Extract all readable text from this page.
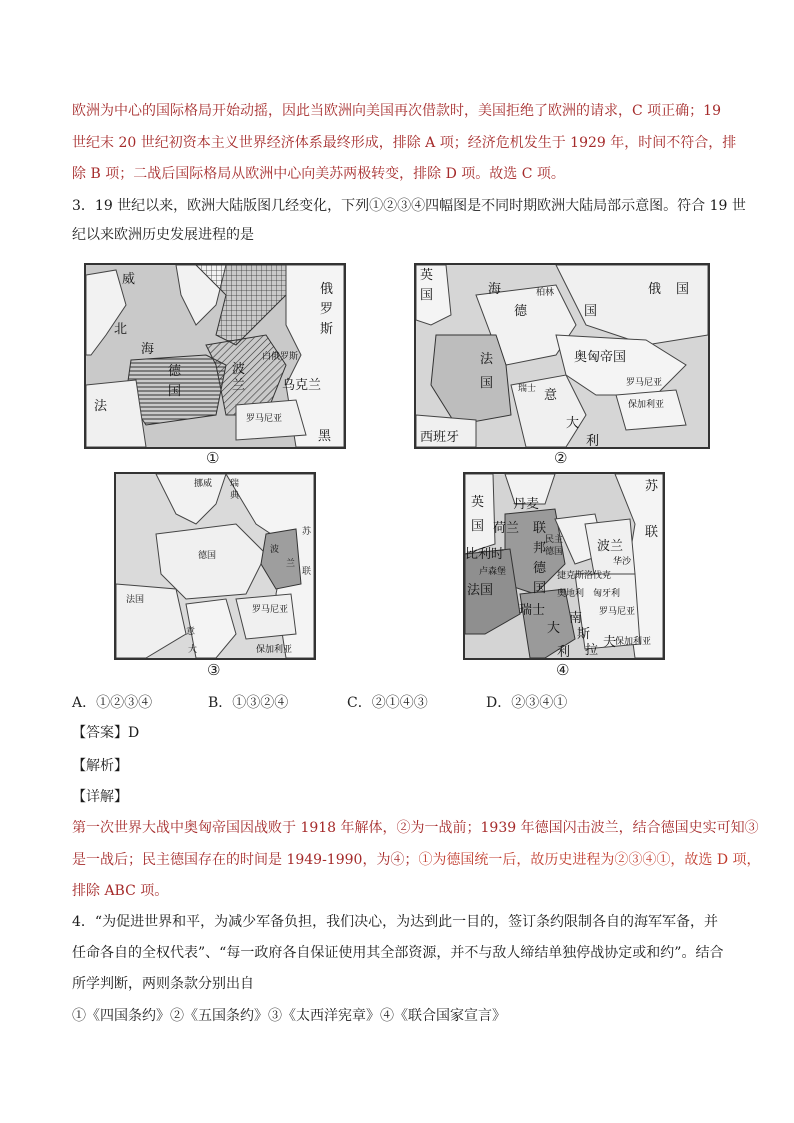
欧洲为中心的国际格局开始动摇，因此当欧洲向美国再次借款时，美国拒绝了欧洲的请求，C 项正确；19
世纪末 20 世纪初资本主义世界经济体系最终形成，排除 A 项；经济危机发生于 1929 年，时间不符合，排
除 B 项；二战后国际格局从欧洲中心向美苏两极转变，排除 D 项。故选 C 项。
3．19 世纪以来，欧洲大陆版图几经变化，下列①②③④四幅图是不同时期欧洲大陆局部示意图。符合 19 世
纪以来欧洲历史发展进程的是
俄
罗
斯
北
海
威
德
国
法
白俄罗斯
乌克兰
罗马尼亚
黑
波
兰
①
英
国	海	柏林
德	国
俄 国
法
国
奥匈帝国
瑞士 意
大
利
西班牙
罗马尼亚
保加利亚
②
挪威 瑞
典
德国
波
兰
法国
意
大
罗马尼亚
保加利亚
苏
联
③
苏
联
英
国
丹麦
荷兰 联
邦
德
国
民主
德国	波兰
华沙
比利时
卢森堡
法国
瑞士
捷克斯洛伐克
奥地利 匈牙利
罗马尼亚
南
斯
拉
夫
保加利亚
大
利
④
A．①②③④	B．①③②④	C．②①④③	D．②③④①
【答案】D
【解析】
【详解】
第一次世界大战中奥匈帝国因战败于 1918 年解体，②为一战前；1939 年德国闪击波兰，结合德国史实可知③
是一战后；民主德国存在的时间是 1949-1990，为④；①为德国统一后，故历史进程为②③④①，故选 D 项，
排除 ABC 项。
4．“为促进世界和平，为减少军备负担，我们决心，为达到此一目的，签订条约限制各自的海军军备，并
任命各自的全权代表”、“每一政府各自保证使用其全部资源，并不与敌人缔结单独停战协定或和约”。结合
所学判断，两则条款分别出自
①《四国条约》②《五国条约》③《太西洋宪章》④《联合国家宣言》
